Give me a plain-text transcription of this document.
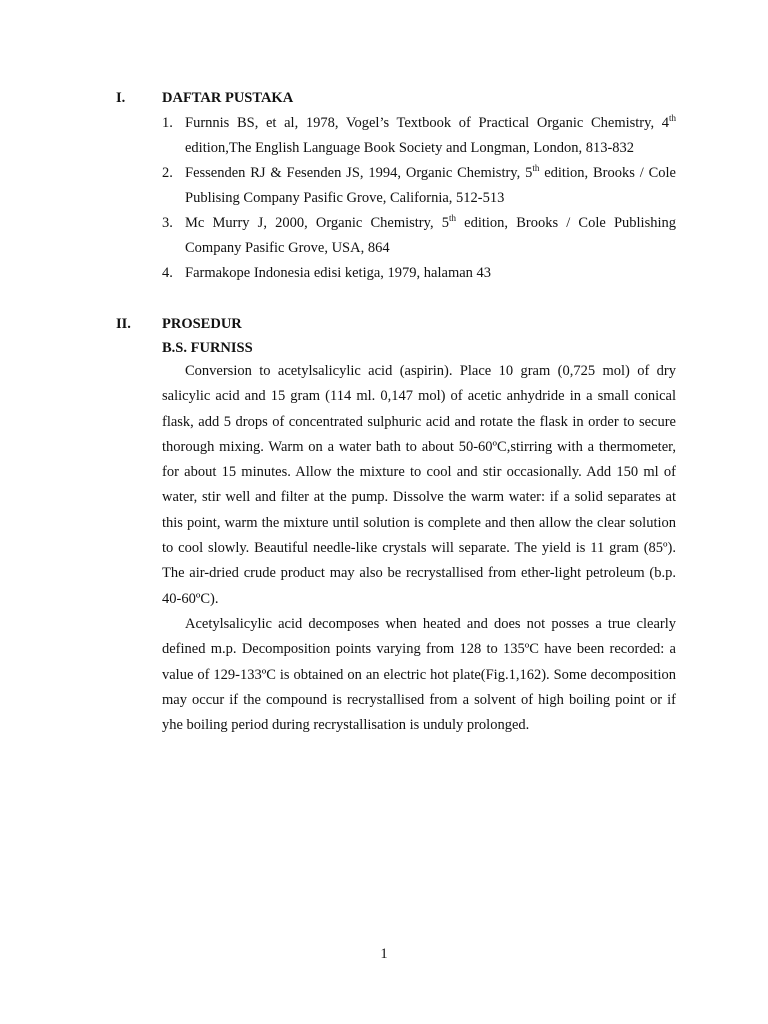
I.	DAFTAR PUSTAKA
1. Furnnis BS, et al, 1978, Vogel’s Textbook of Practical Organic Chemistry, 4th edition,The English Language Book Society and Longman, London, 813-832
2. Fessenden RJ & Fesenden JS, 1994, Organic Chemistry, 5th edition, Brooks / Cole Publising Company Pasific Grove, California, 512-513
3. Mc Murry J, 2000, Organic Chemistry, 5th edition, Brooks / Cole Publishing Company Pasific Grove, USA, 864
4. Farmakope Indonesia edisi ketiga, 1979, halaman 43
II. PROSEDUR
B.S. FURNISS

Conversion to acetylsalicylic acid (aspirin). Place 10 gram (0,725 mol) of dry salicylic acid and 15 gram (114 ml. 0,147 mol) of acetic anhydride in a small conical flask, add 5 drops of concentrated sulphuric acid and rotate the flask in order to secure thorough mixing. Warm on a water bath to about 50-60ºC,stirring with a thermometer, for about 15 minutes. Allow the mixture to cool and stir occasionally. Add 150 ml of water, stir well and filter at the pump. Dissolve the warm water: if a solid separates at this point, warm the mixture until solution is complete and then allow the clear solution to cool slowly. Beautiful needle-like crystals will separate. The yield is 11 gram (85º). The air-dried crude product may also be recrystallised from ether-light petroleum (b.p. 40-60ºC).

Acetylsalicylic acid decomposes when heated and does not posses a true clearly defined m.p. Decomposition points varying from 128 to 135ºC have been recorded: a value of 129-133ºC is obtained on an electric hot plate(Fig.1,162). Some decomposition may occur if the compound is recrystallised from a solvent of high boiling point or if yhe boiling period during recrystallisation is unduly prolonged.

1
